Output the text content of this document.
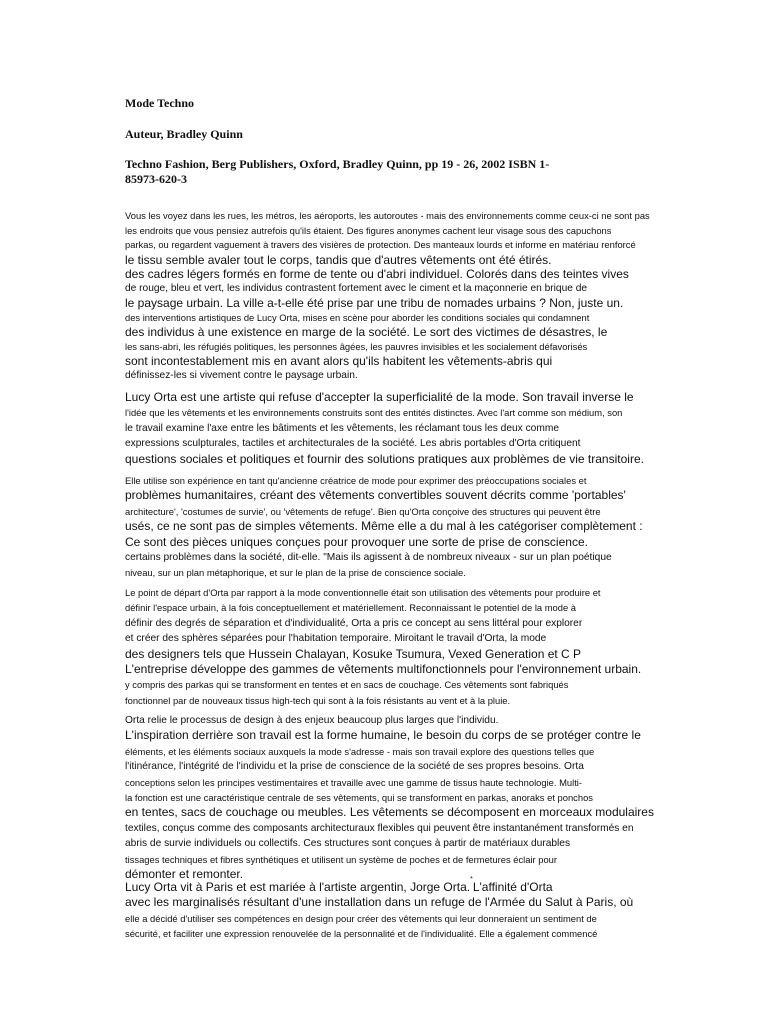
Mode Techno
Auteur, Bradley Quinn
Techno Fashion, Berg Publishers, Oxford, Bradley Quinn, pp 19 - 26, 2002 ISBN 1-
85973-620-3
Vous les voyez dans les rues, les métros, les aéroports, les autoroutes - mais des environnements comme ceux-ci ne sont pas
les endroits que vous pensiez autrefois qu'ils étaient. Des figures anonymes cachent leur visage sous des capuchons
parkas, ou regardent vaguement à travers des visières de protection. Des manteaux lourds et informe en matériau renforcé
le tissu semble avaler tout le corps, tandis que d'autres vêtements ont été étirés.
des cadres légers formés en forme de tente ou d'abri individuel. Colorés dans des teintes vives
de rouge, bleu et vert, les individus contrastent fortement avec le ciment et la maçonnerie en brique de
le paysage urbain. La ville a-t-elle été prise par une tribu de nomades urbains ? Non, juste un.
des interventions artistiques de Lucy Orta, mises en scène pour aborder les conditions sociales qui condamnent
des individus à une existence en marge de la société. Le sort des victimes de désastres, le
les sans-abri, les réfugiés politiques, les personnes âgées, les pauvres invisibles et les socialement défavorisés
sont incontestablement mis en avant alors qu'ils habitent les vêtements-abris qui
définissez-les si vivement contre le paysage urbain.
Lucy Orta est une artiste qui refuse d'accepter la superficialité de la mode. Son travail inverse le
l'idée que les vêtements et les environnements construits sont des entités distinctes. Avec l'art comme son médium, son
le travail examine l'axe entre les bâtiments et les vêtements, les réclamant tous les deux comme
expressions sculpturales, tactiles et architecturales de la société. Les abris portables d'Orta critiquent
questions sociales et politiques et fournir des solutions pratiques aux problèmes de vie transitoire.
Elle utilise son expérience en tant qu'ancienne créatrice de mode pour exprimer des préoccupations sociales et
problèmes humanitaires, créant des vêtements convertibles souvent décrits comme 'portables'
architecture', 'costumes de survie', ou 'vêtements de refuge'. Bien qu'Orta conçoive des structures qui peuvent être
usés, ce ne sont pas de simples vêtements. Même elle a du mal à les catégoriser complètement :
Ce sont des pièces uniques conçues pour provoquer une sorte de prise de conscience.
certains problèmes dans la société, dit-elle. "Mais ils agissent à de nombreux niveaux - sur un plan poétique
niveau, sur un plan métaphorique, et sur le plan de la prise de conscience sociale.
Le point de départ d'Orta par rapport à la mode conventionnelle était son utilisation des vêtements pour produire et
définir l'espace urbain, à la fois conceptuellement et matériellement. Reconnaissant le potentiel de la mode à
définir des degrés de séparation et d'individualité, Orta a pris ce concept au sens littéral pour explorer
et créer des sphères séparées pour l'habitation temporaire. Miroitant le travail d'Orta, la mode
des designers tels que Hussein Chalayan, Kosuke Tsumura, Vexed Generation et C P
L'entreprise développe des gammes de vêtements multifonctionnels pour l'environnement urbain.
y compris des parkas qui se transforment en tentes et en sacs de couchage. Ces vêtements sont fabriqués
fonctionnel par de nouveaux tissus high-tech qui sont à la fois résistants au vent et à la pluie.
Orta relie le processus de design à des enjeux beaucoup plus larges que l'individu.
L'inspiration derrière son travail est la forme humaine, le besoin du corps de se protéger contre le
éléments, et les éléments sociaux auxquels la mode s'adresse - mais son travail explore des questions telles que
l'itinérance, l'intégrité de l'individu et la prise de conscience de la société de ses propres besoins. Orta
conceptions selon les principes vestimentaires et travaille avec une gamme de tissus haute technologie. Multi-
la fonction est une caractéristique centrale de ses vêtements, qui se transforment en parkas, anoraks et ponchos
en tentes, sacs de couchage ou meubles. Les vêtements se décomposent en morceaux modulaires
textiles, conçus comme des composants architecturaux flexibles qui peuvent être instantanément transformés en
abris de survie individuels ou collectifs. Ces structures sont conçues à partir de matériaux durables
tissages techniques et fibres synthétiques et utilisent un système de poches et de fermetures éclair pour
démonter et remonter.
Lucy Orta vit à Paris et est mariée à l'artiste argentin, Jorge Orta.*L'affinité d'Orta
avec les marginalisés résultant d'une installation dans un refuge de l'Armée du Salut à Paris, où
elle a décidé d'utiliser ses compétences en design pour créer des vêtements qui leur donneraient un sentiment de
sécurité, et faciliter une expression renouvelée de la personnalité et de l'individualité. Elle a également commencé
